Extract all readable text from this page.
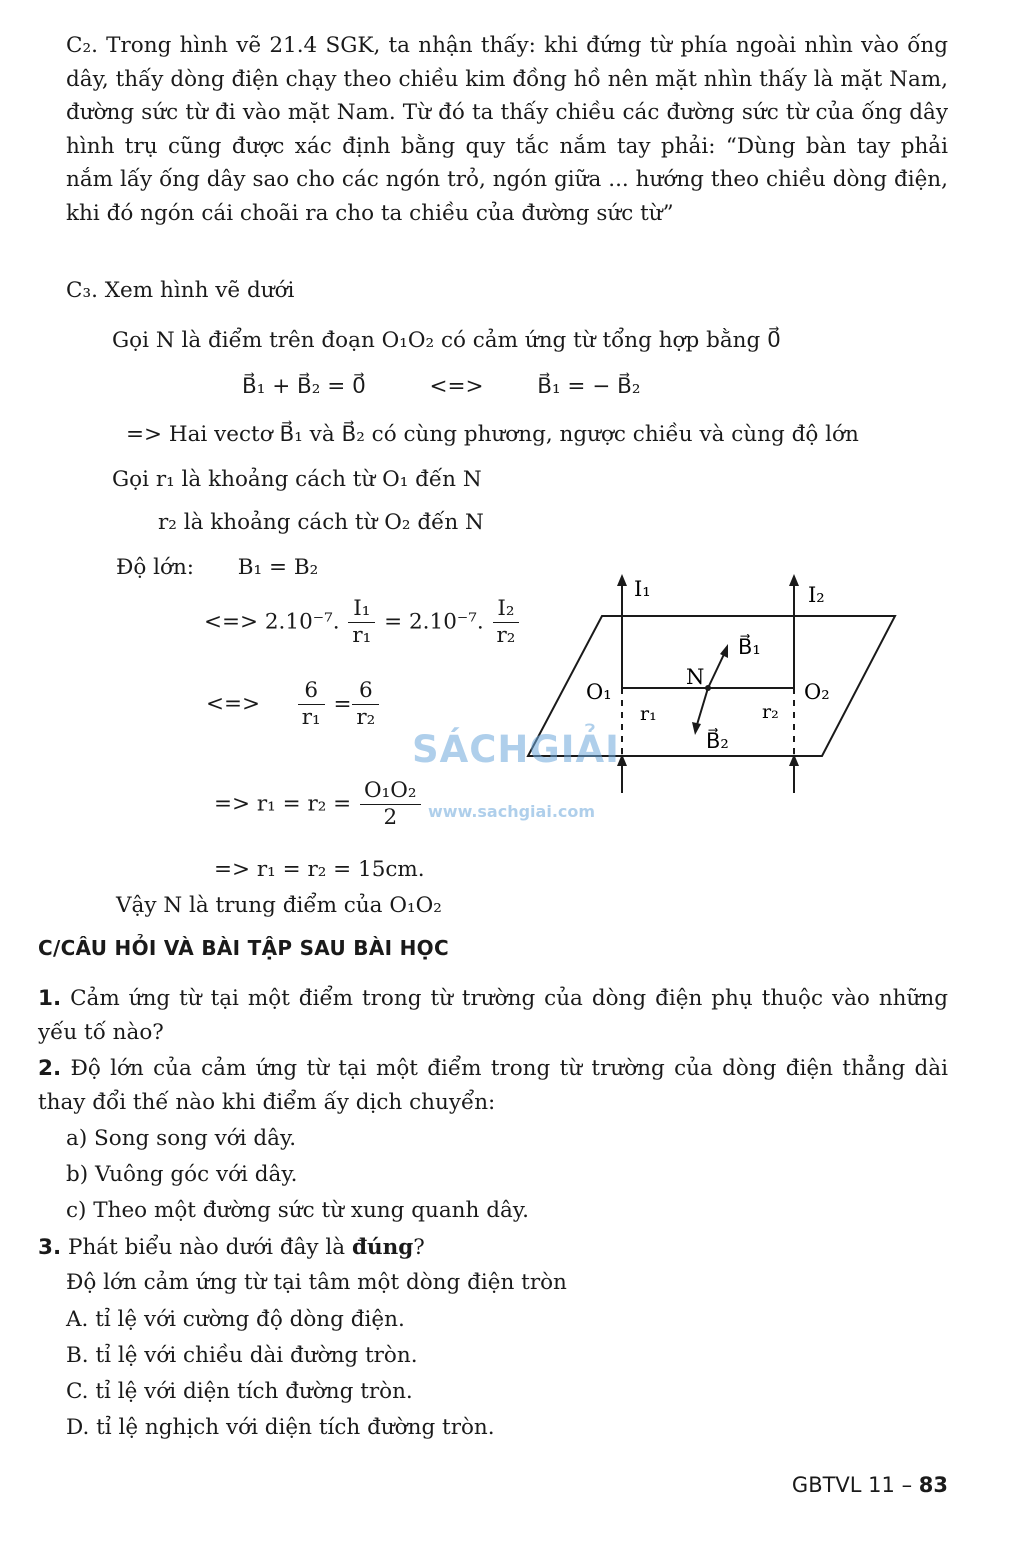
C₂. Trong hình vẽ 21.4 SGK, ta nhận thấy: khi đứng từ phía ngoài nhìn vào ống dây, thấy dòng điện chạy theo chiều kim đồng hồ nên mặt nhìn thấy là mặt Nam, đường sức từ đi vào mặt Nam. Từ đó ta thấy chiều các đường sức từ của ống dây hình trụ cũng được xác định bằng quy tắc nắm tay phải: “Dùng bàn tay phải nắm lấy ống dây sao cho các ngón trỏ, ngón giữa ... hướng theo chiều dòng điện, khi đó ngón cái choãi ra cho ta chiều của đường sức từ”
C₃. Xem hình vẽ dưới
Gọi N là điểm trên đoạn O₁O₂ có cảm ứng từ tổng hợp bằng 0⃗
B⃗₁ + B⃗₂ = 0⃗	<=> B⃗₁ = − B⃗₂
=> Hai vectơ B⃗₁ và B⃗₂ có cùng phương, ngược chiều và cùng độ lớn
Gọi r₁ là khoảng cách từ O₁ đến N
r₂ là khoảng cách từ O₂ đến N
Độ lớn: B₁ = B₂
<=> 2.10⁻⁷. $\frac{\text{I₁}}{\text{r₁}} = 2.10^{-7}$. $\frac{\text{I₂}}{\text{r₂}}$
<=> $\frac{6}{\text{r₁}} = \frac{6}{\text{r₂}}$
=> $r_1 = r_2 = \frac{\text{O₁O₂}}{2}$
=> r₁ = r₂ = 15cm.
Vậy N là trung điểm của O₁O₂
I₁	I₂
B⃗₁
B⃗₂
N
O₁	O₂
r₁	r₂
SÁCHGIẢI
www.sachgiai.com
C/CÂU HỎI VÀ BÀI TẬP SAU BÀI HỌC
1. Cảm ứng từ tại một điểm trong từ trường của dòng điện phụ thuộc vào những yếu tố nào?
2. Độ lớn của cảm ứng từ tại một điểm trong từ trường của dòng điện thẳng dài thay đổi thế nào khi điểm ấy dịch chuyển:
a) Song song với dây.
b) Vuông góc với dây.
c) Theo một đường sức từ xung quanh dây.
3. Phát biểu nào dưới đây là đúng?
Độ lớn cảm ứng từ tại tâm một dòng điện tròn
A. tỉ lệ với cường độ dòng điện.
B. tỉ lệ với chiều dài đường tròn.
C. tỉ lệ với diện tích đường tròn.
D. tỉ lệ nghịch với diện tích đường tròn.
GBTVL 11 – 83
